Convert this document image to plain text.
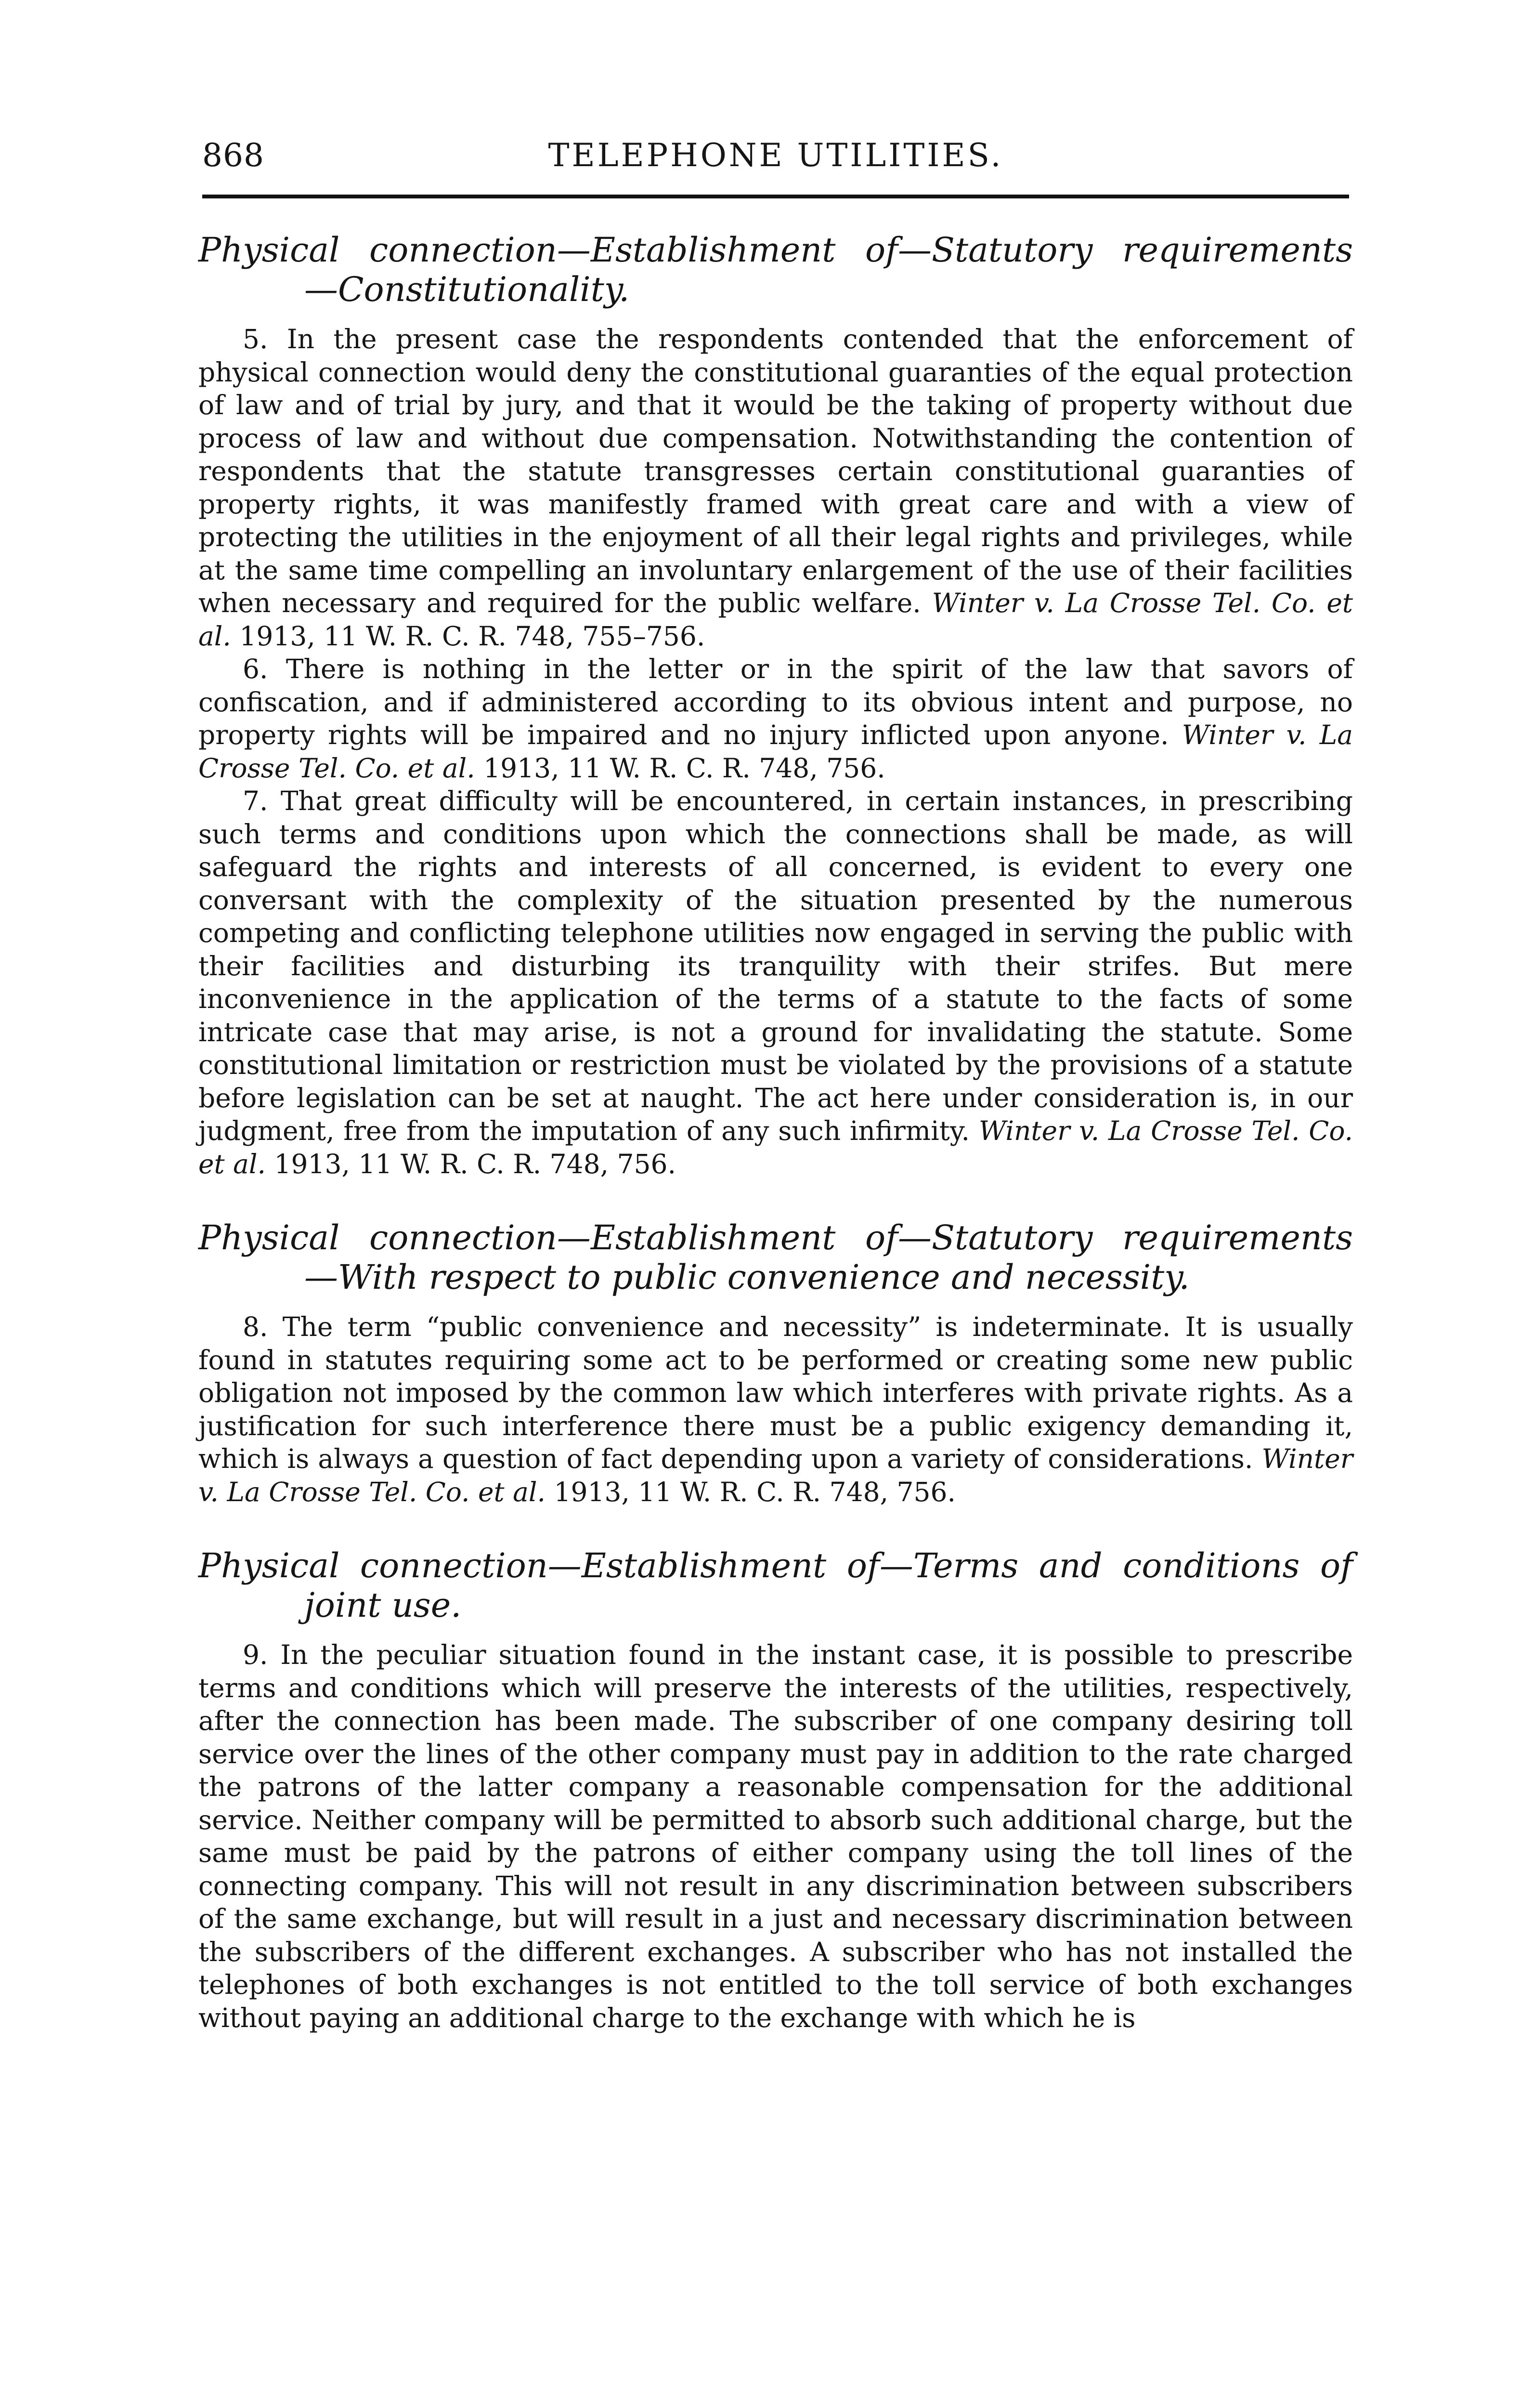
868	TELEPHONE UTILITIES.
Physical connection—Establishment of—Statutory requirements
—Constitutionality.

5. In the present case the respondents contended that the enforcement of physical connection would deny the constitutional guaranties of the equal protection of law and of trial by jury, and that it would be the taking of property without due process of law and without due compensation. Notwithstanding the contention of respondents that the statute transgresses certain constitutional guaranties of property rights, it was manifestly framed with great care and with a view of protecting the utilities in the enjoyment of all their legal rights and privileges, while at the same time compelling an involuntary enlargement of the use of their facilities when necessary and required for the public welfare. Winter v. La Crosse Tel. Co. et al. 1913, 11 W. R. C. R. 748, 755–756.

6. There is nothing in the letter or in the spirit of the law that savors of confiscation, and if administered according to its obvious intent and purpose, no property rights will be impaired and no injury inflicted upon anyone. Winter v. La Crosse Tel. Co. et al. 1913, 11 W. R. C. R. 748, 756.

7. That great difficulty will be encountered, in certain instances, in prescribing such terms and conditions upon which the connections shall be made, as will safeguard the rights and interests of all concerned, is evident to every one conversant with the complexity of the situation presented by the numerous competing and conflicting telephone utilities now engaged in serving the public with their facilities and disturbing its tranquility with their strifes. But mere inconvenience in the application of the terms of a statute to the facts of some intricate case that may arise, is not a ground for invalidating the statute. Some constitutional limitation or restriction must be violated by the provisions of a statute before legislation can be set at naught. The act here under consideration is, in our judgment, free from the imputation of any such infirmity. Winter v. La Crosse Tel. Co. et al. 1913, 11 W. R. C. R. 748, 756.

Physical connection—Establishment of—Statutory requirements
—With respect to public convenience and necessity.

8. The term “public convenience and necessity” is indeterminate. It is usually found in statutes requiring some act to be performed or creating some new public obligation not imposed by the common law which interferes with private rights. As a justification for such interference there must be a public exigency demanding it, which is always a question of fact depending upon a variety of considerations. Winter v. La Crosse Tel. Co. et al. 1913, 11 W. R. C. R. 748, 756.

Physical connection—Establishment of—Terms and conditions of
joint use.

9. In the peculiar situation found in the instant case, it is possible to prescribe terms and conditions which will preserve the interests of the utilities, respectively, after the connection has been made. The subscriber of one company desiring toll service over the lines of the other company must pay in addition to the rate charged the patrons of the latter company a reasonable compensation for the additional service. Neither company will be permitted to absorb such additional charge, but the same must be paid by the patrons of either company using the toll lines of the connecting company. This will not result in any discrimination between subscribers of the same exchange, but will result in a just and necessary discrimination between the subscribers of the different exchanges. A subscriber who has not installed the telephones of both exchanges is not entitled to the toll service of both exchanges without paying an additional charge to the exchange with which he is
